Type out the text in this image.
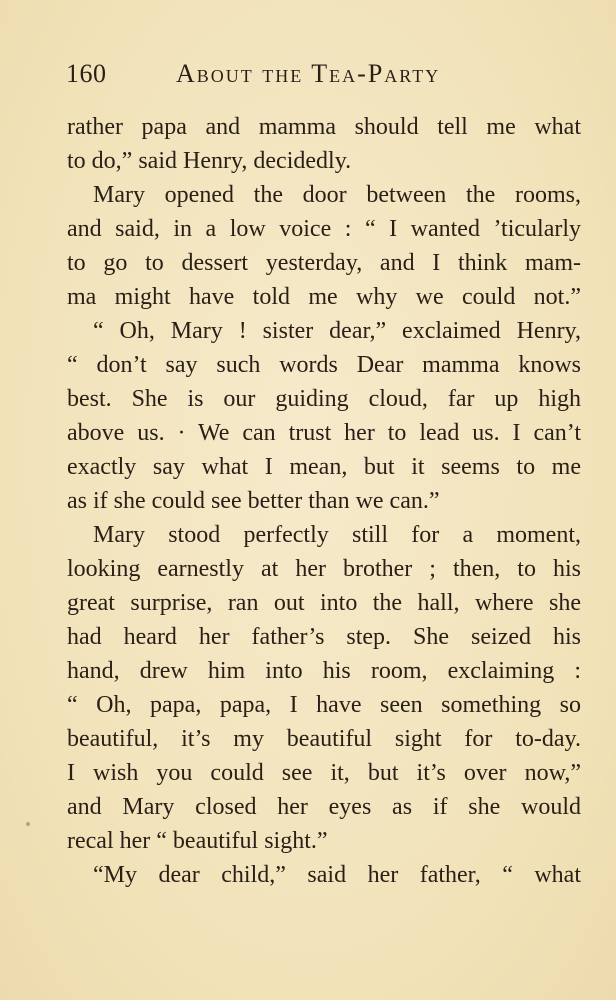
160	About the Tea-Party
rather papa and mamma should tell me what
to do,” said Henry, decidedly.
Mary opened the door between the rooms,
and said, in a low voice : “ I wanted ’ticularly
to go to dessert yesterday, and I think mam-
ma might have told me why we could not.”
“ Oh, Mary ! sister dear,” exclaimed Henry,
“ don’t say such words Dear mamma knows
best. She is our guiding cloud, far up high
above us. · We can trust her to lead us. I can’t
exactly say what I mean, but it seems to me
as if she could see better than we can.”
Mary stood perfectly still for a moment,
looking earnestly at her brother ; then, to his
great surprise, ran out into the hall, where she
had heard her father’s step. She seized his
hand, drew him into his room, exclaiming :
“ Oh, papa, papa, I have seen something so
beautiful, it’s my beautiful sight for to-day.
I wish you could see it, but it’s over now,”
and Mary closed her eyes as if she would
recal her “ beautiful sight.”
“My dear child,” said her father, “ what
